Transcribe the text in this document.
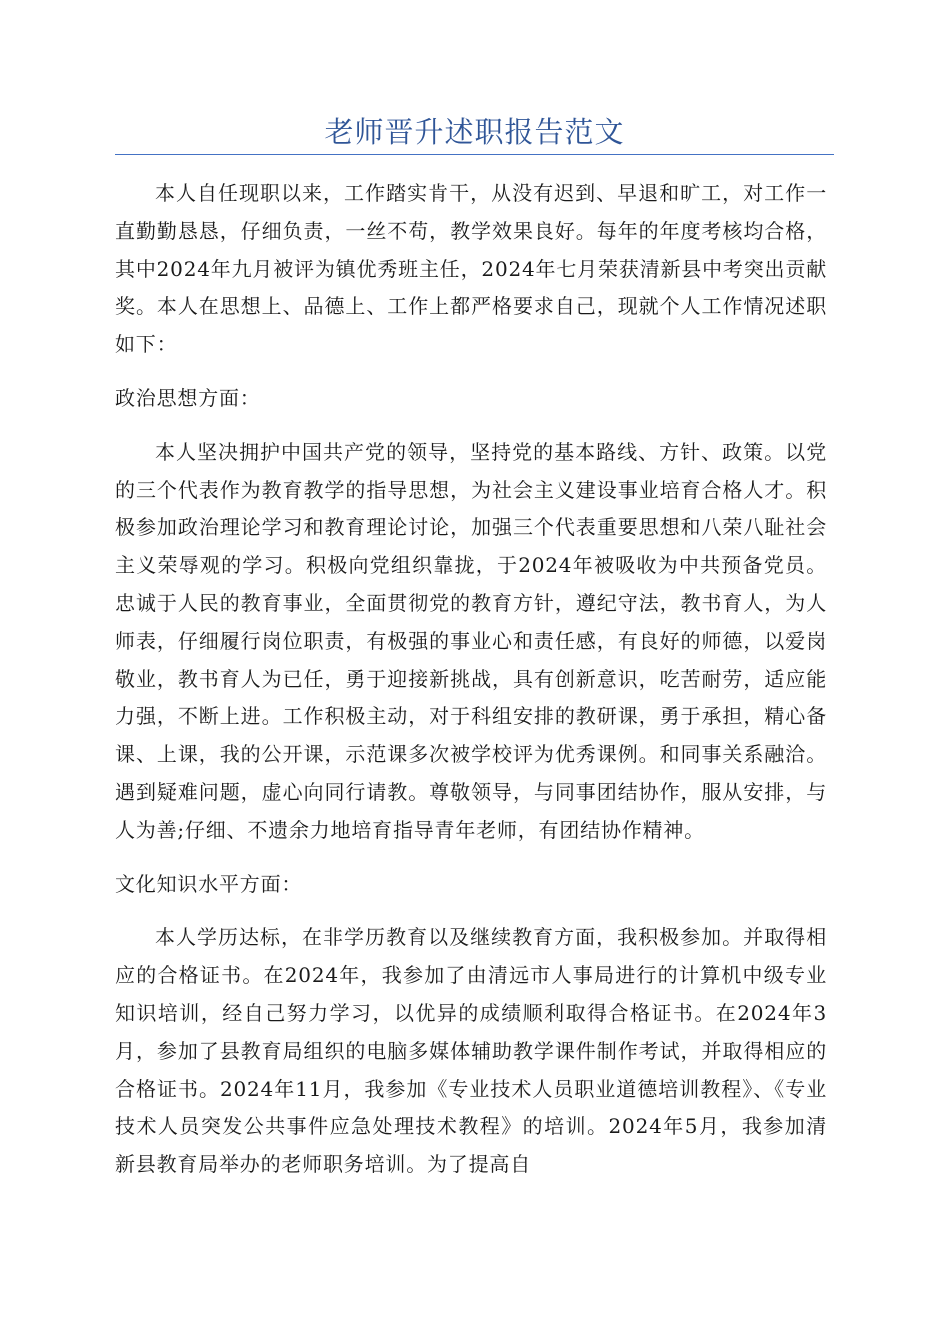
老师晋升述职报告范文

本人自任现职以来，工作踏实肯干，从没有迟到、早退和旷工，对工作一直勤勤恳恳，仔细负责，一丝不苟，教学效果良好。每年的年度考核均合格，其中2024年九月被评为镇优秀班主任，2024年七月荣获清新县中考突出贡献奖。本人在思想上、品德上、工作上都严格要求自己，现就个人工作情况述职如下：

政治思想方面：

本人坚决拥护中国共产党的领导，坚持党的基本路线、方针、政策。以党的三个代表作为教育教学的指导思想，为社会主义建设事业培育合格人才。积极参加政治理论学习和教育理论讨论，加强三个代表重要思想和八荣八耻社会主义荣辱观的学习。积极向党组织靠拢，于2024年被吸收为中共预备党员。忠诚于人民的教育事业，全面贯彻党的教育方针，遵纪守法，教书育人，为人师表，仔细履行岗位职责，有极强的事业心和责任感，有良好的师德，以爱岗敬业，教书育人为已任，勇于迎接新挑战，具有创新意识，吃苦耐劳，适应能力强，不断上进。工作积极主动，对于科组安排的教研课，勇于承担，精心备课、上课，我的公开课，示范课多次被学校评为优秀课例。和同事关系融洽。遇到疑难问题，虚心向同行请教。尊敬领导，与同事团结协作，服从安排，与人为善;仔细、不遗余力地培育指导青年老师，有团结协作精神。

文化知识水平方面：

本人学历达标，在非学历教育以及继续教育方面，我积极参加。并取得相应的合格证书。在2024年，我参加了由清远市人事局进行的计算机中级专业知识培训，经自己努力学习，以优异的成绩顺利取得合格证书。在2024年3月，参加了县教育局组织的电脑多媒体辅助教学课件制作考试，并取得相应的合格证书。2024年11月，我参加《专业技术人员职业道德培训教程》、《专业技术人员突发公共事件应急处理技术教程》的培训。2024年5月，我参加清新县教育局举办的老师职务培训。为了提高自
